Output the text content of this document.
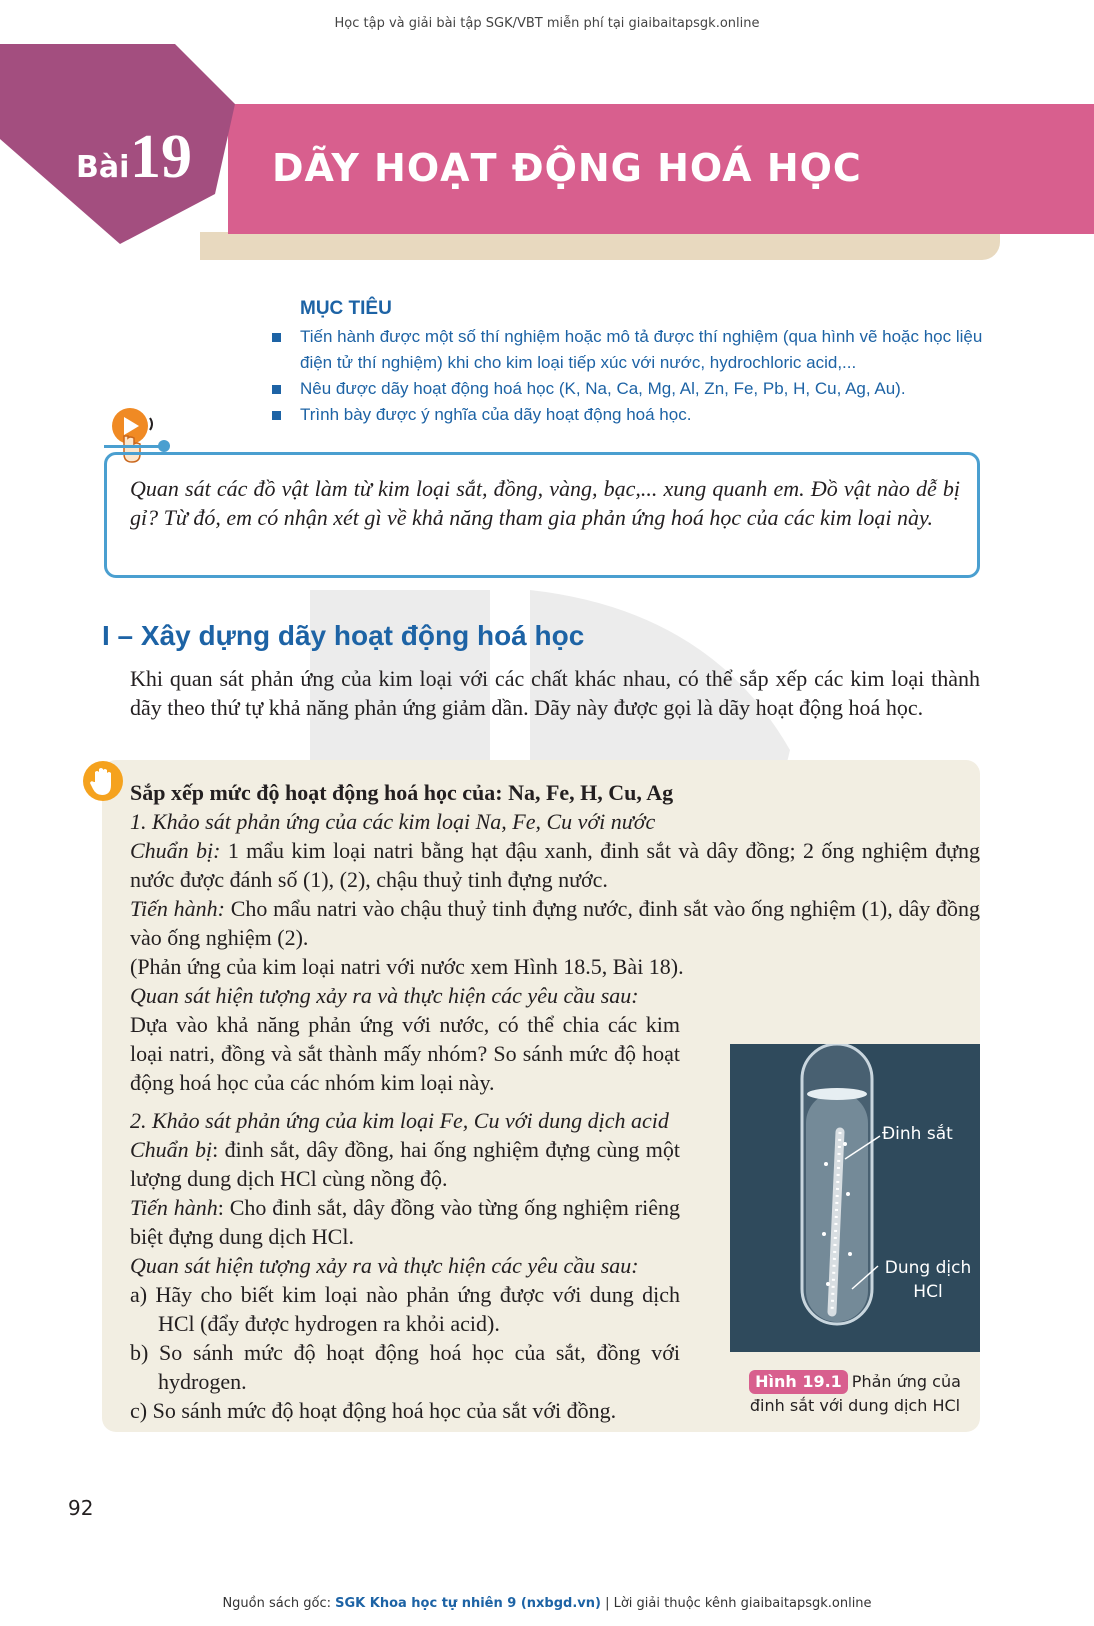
Học tập và giải bài tập SGK/VBT miễn phí tại giaibaitapsgk.online
Bài 19 DÃY HOẠT ĐỘNG HOÁ HỌC
MỤC TIÊU
Tiến hành được một số thí nghiệm hoặc mô tả được thí nghiệm (qua hình vẽ hoặc học liệu điện tử thí nghiệm) khi cho kim loại tiếp xúc với nước, hydrochloric acid,...
Nêu được dãy hoạt động hoá học (K, Na, Ca, Mg, Al, Zn, Fe, Pb, H, Cu, Ag, Au).
Trình bày được ý nghĩa của dãy hoạt động hoá học.
Quan sát các đồ vật làm từ kim loại sắt, đồng, vàng, bạc,... xung quanh em. Đồ vật nào dễ bị gỉ? Từ đó, em có nhận xét gì về khả năng tham gia phản ứng hoá học của các kim loại này.
I – Xây dựng dãy hoạt động hoá học
Khi quan sát phản ứng của kim loại với các chất khác nhau, có thể sắp xếp các kim loại thành dãy theo thứ tự khả năng phản ứng giảm dần. Dãy này được gọi là dãy hoạt động hoá học.
Sắp xếp mức độ hoạt động hoá học của: Na, Fe, H, Cu, Ag
1. Khảo sát phản ứng của các kim loại Na, Fe, Cu với nước
Chuẩn bị: 1 mẩu kim loại natri bằng hạt đậu xanh, đinh sắt và dây đồng; 2 ống nghiệm đựng nước được đánh số (1), (2), chậu thuỷ tinh đựng nước.
Tiến hành: Cho mẩu natri vào chậu thuỷ tinh đựng nước, đinh sắt vào ống nghiệm (1), dây đồng vào ống nghiệm (2).
(Phản ứng của kim loại natri với nước xem Hình 18.5, Bài 18).
Quan sát hiện tượng xảy ra và thực hiện các yêu cầu sau:
Dựa vào khả năng phản ứng với nước, có thể chia các kim loại natri, đồng và sắt thành mấy nhóm? So sánh mức độ hoạt động hoá học của các nhóm kim loại này.
2. Khảo sát phản ứng của kim loại Fe, Cu với dung dịch acid
Chuẩn bị: đinh sắt, dây đồng, hai ống nghiệm đựng cùng một lượng dung dịch HCl cùng nồng độ.
Tiến hành: Cho đinh sắt, dây đồng vào từng ống nghiệm riêng biệt đựng dung dịch HCl.
Quan sát hiện tượng xảy ra và thực hiện các yêu cầu sau:
a) Hãy cho biết kim loại nào phản ứng được với dung dịch HCl (đẩy được hydrogen ra khỏi acid).
b) So sánh mức độ hoạt động hoá học của sắt, đồng với hydrogen.
c) So sánh mức độ hoạt động hoá học của sắt với đồng.
Đinh sắt
Dung dịch
HCl
Hình 19.1 Phản ứng của đinh sắt với dung dịch HCl
92
Nguồn sách gốc: SGK Khoa học tự nhiên 9 (nxbgd.vn) | Lời giải thuộc kênh giaibaitapsgk.online
